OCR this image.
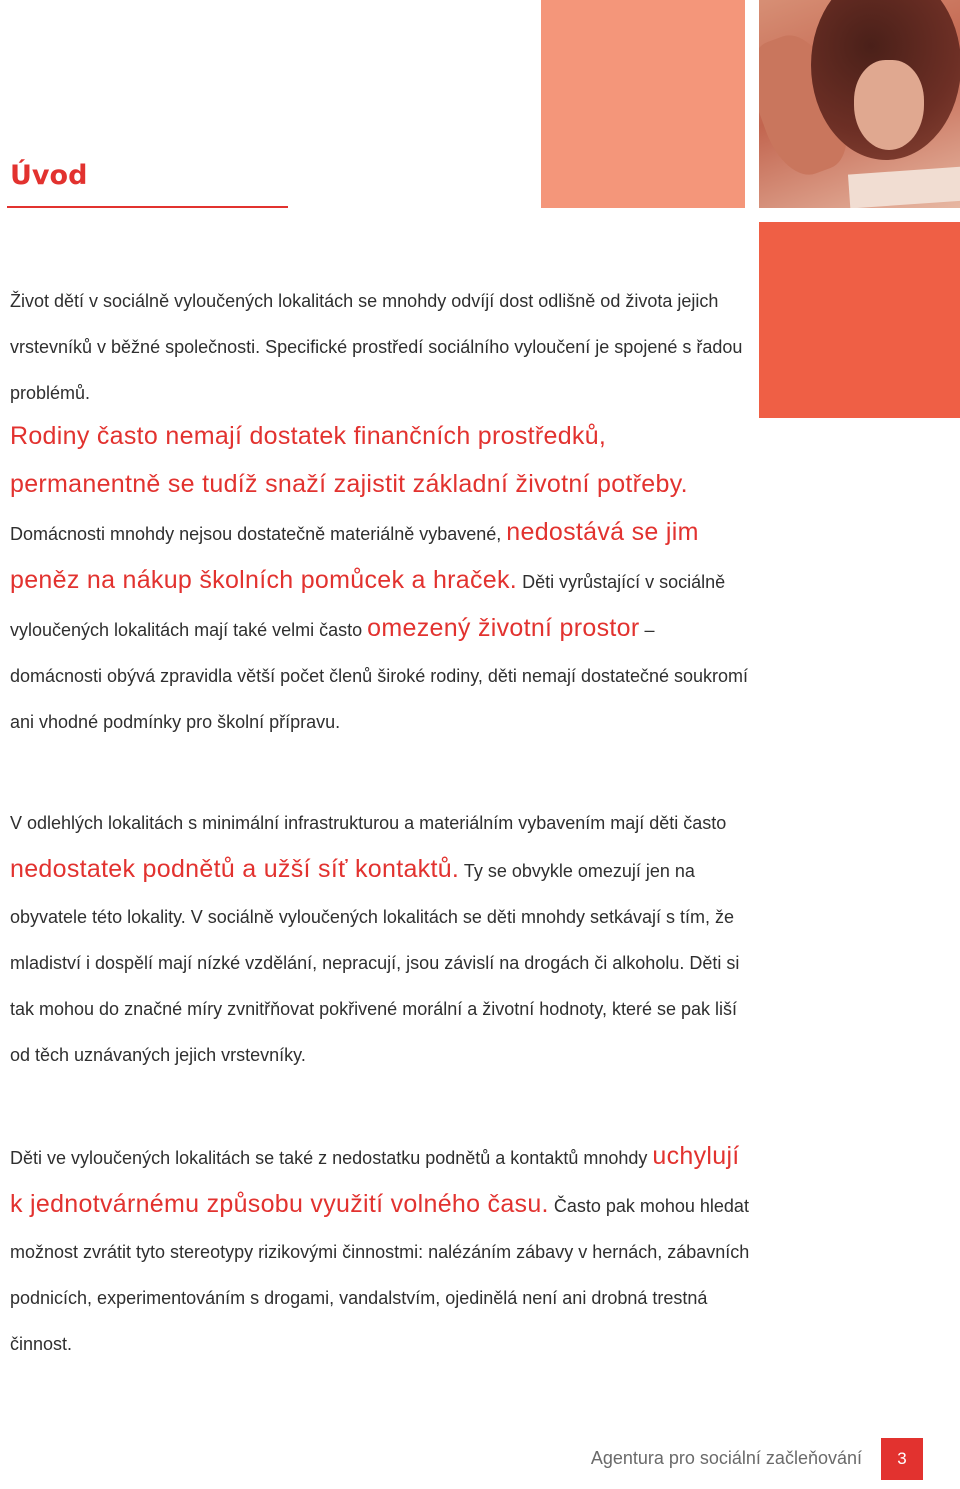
Úvod

Život dětí v sociálně vyloučených lokalitách se mnohdy odvíjí dost odlišně od života jejich vrstevníků v běžné společnosti. Specifické prostředí sociálního vyloučení je spojené s řadou problémů.

Rodiny často nemají dostatek finančních prostředků, permanentně se tudíž snaží zajistit základní životní potřeby. Domácnosti mnohdy nejsou dostatečně materiálně vybavené, nedostává se jim peněz na nákup školních pomůcek a hraček. Děti vyrůstající v sociálně vyloučených lokalitách mají také velmi často omezený životní prostor – domácnosti obývá zpravidla větší počet členů široké rodiny, děti nemají dostatečné soukromí ani vhodné podmínky pro školní přípravu.

V odlehlých lokalitách s minimální infrastrukturou a materiálním vybavením mají děti často nedostatek podnětů a užší síť kontaktů. Ty se obvykle omezují jen na obyvatele této lokality. V sociálně vyloučených lokalitách se děti mnohdy setkávají s tím, že mladiství i dospělí mají nízké vzdělání, nepracují, jsou závislí na drogách či alkoholu. Děti si tak mohou do značné míry zvnitřňovat pokřivené morální a životní hodnoty, které se pak liší od těch uznávaných jejich vrstevníky.

Děti ve vyloučených lokalitách se také z nedostatku podnětů a kontaktů mnohdy uchylují k jednotvárnému způsobu využití volného času. Často pak mohou hledat možnost zvrátit tyto stereotypy rizikovými činnostmi: nalézáním zábavy v hernách, zábavních podnicích, experimentováním s drogami, vandalstvím, ojedinělá není ani drobná trestná činnost.

Agentura pro sociální začleňování	3
